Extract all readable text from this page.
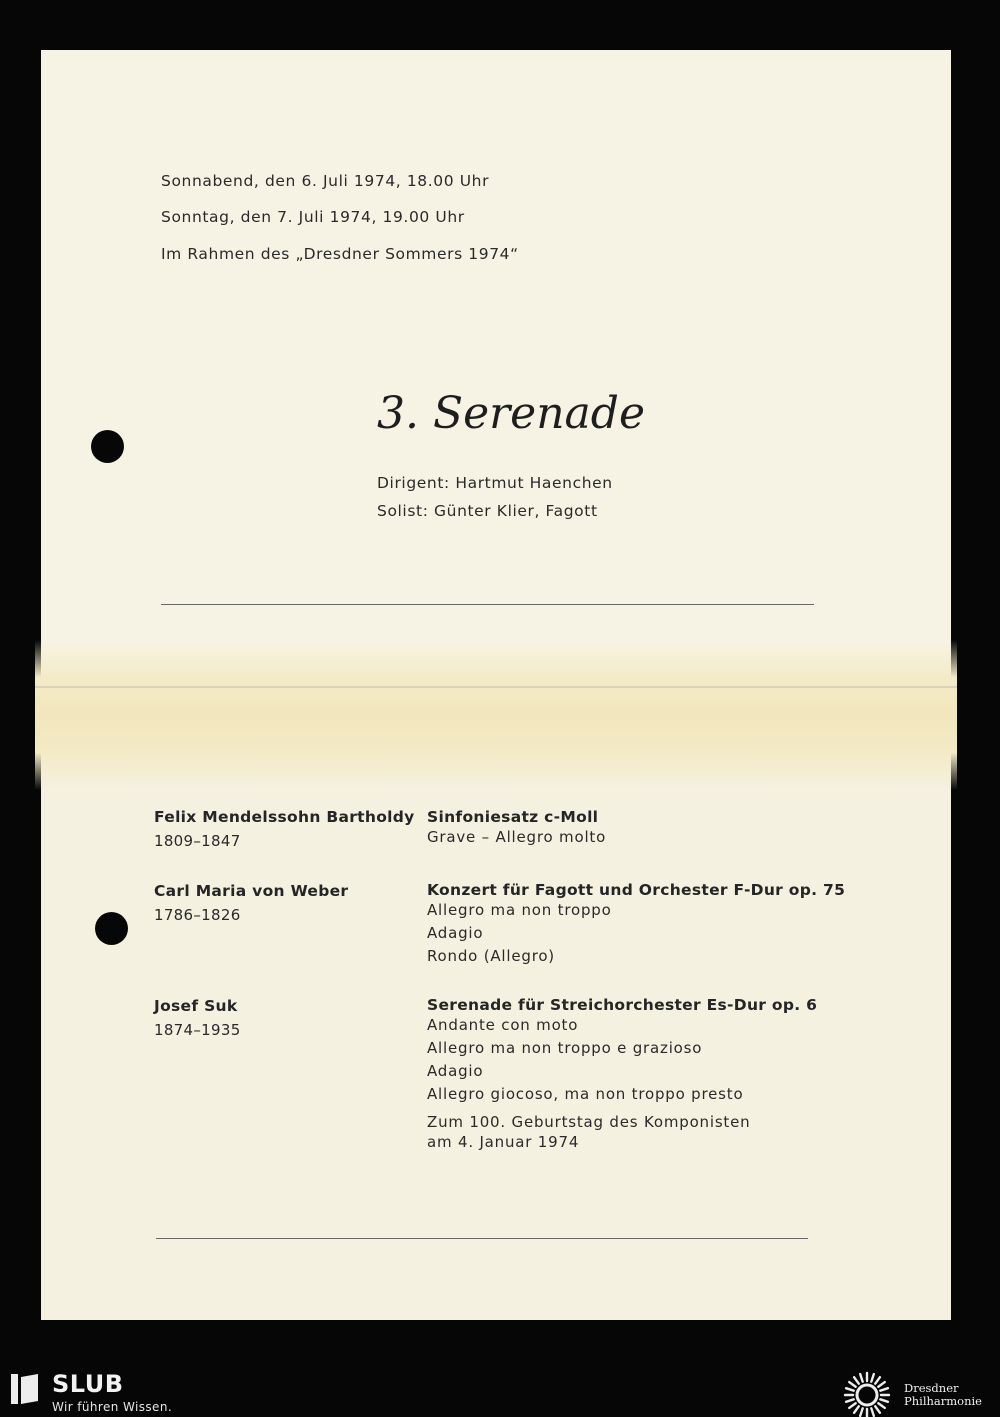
Sonnabend, den 6. Juli 1974, 18.00 Uhr
Sonntag, den 7. Juli 1974, 19.00 Uhr
Im Rahmen des „Dresdner Sommers 1974“
3. Serenade
Dirigent: Hartmut Haenchen
Solist: Günter Klier, Fagott
Felix Mendelssohn Bartholdy
1809–1847
Sinfoniesatz c-Moll
Grave – Allegro molto
Carl Maria von Weber
1786–1826
Konzert für Fagott und Orchester F-Dur op. 75
Allegro ma non troppo
Adagio
Rondo (Allegro)
Josef Suk
1874–1935
Serenade für Streichorchester Es-Dur op. 6
Andante con moto
Allegro ma non troppo e grazioso
Adagio
Allegro giocoso, ma non troppo presto
Zum 100. Geburtstag des Komponisten
am 4. Januar 1974
SLUB
Wir führen Wissen.
Dresdner
Philharmonie
